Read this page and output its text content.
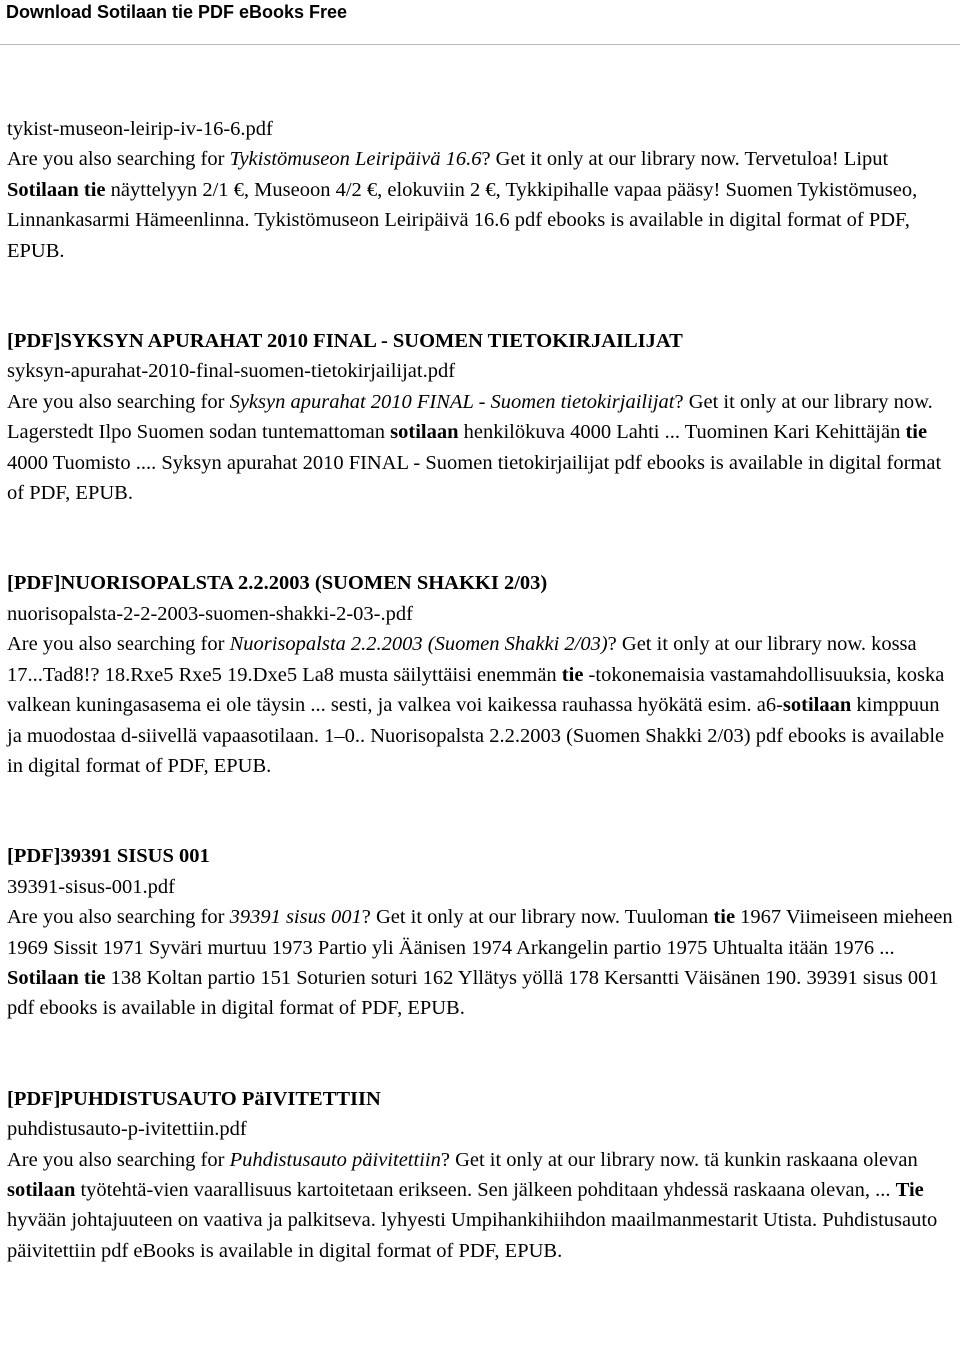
Download Sotilaan tie PDF eBooks Free
tykist-museon-leirip-iv-16-6.pdf
Are you also searching for Tykistömuseon Leiripäivä 16.6? Get it only at our library now. Tervetuloa! Liput Sotilaan tie näyttelyyn 2/1 €, Museoon 4/2 €, elokuviin 2 €, Tykkipihalle vapaa pääsy! Suomen Tykistömuseo, Linnankasarmi Hämeenlinna. Tykistömuseon Leiripäivä 16.6 pdf ebooks is available in digital format of PDF, EPUB.
[PDF]SYKSYN APURAHAT 2010 FINAL - SUOMEN TIETOKIRJAILIJAT
syksyn-apurahat-2010-final-suomen-tietokirjailijat.pdf
Are you also searching for Syksyn apurahat 2010 FINAL - Suomen tietokirjailijat? Get it only at our library now. Lagerstedt Ilpo Suomen sodan tuntemattoman sotilaan henkilökuva 4000 Lahti ... Tuominen Kari Kehittäjän tie 4000 Tuomisto .... Syksyn apurahat 2010 FINAL - Suomen tietokirjailijat pdf ebooks is available in digital format of PDF, EPUB.
[PDF]NUORISOPALSTA 2.2.2003 (SUOMEN SHAKKI 2/03)
nuorisopalsta-2-2-2003-suomen-shakki-2-03-.pdf
Are you also searching for Nuorisopalsta 2.2.2003 (Suomen Shakki 2/03)? Get it only at our library now. kossa 17...Tad8!? 18.Rxe5 Rxe5 19.Dxe5 La8 musta säilyttäisi enemmän tie -tokonemaisia vastamahdollisuuksia, koska valkean kuningasasema ei ole täysin ... sesti, ja valkea voi kaikessa rauhassa hyökätä esim. a6-sotilaan kimppuun ja muodostaa d-siivellä vapaasotilaan. 1–0.. Nuorisopalsta 2.2.2003 (Suomen Shakki 2/03) pdf ebooks is available in digital format of PDF, EPUB.
[PDF]39391 SISUS 001
39391-sisus-001.pdf
Are you also searching for 39391 sisus 001? Get it only at our library now. Tuuloman tie 1967 Viimeiseen mieheen 1969 Sissit 1971 Syväri murtuu 1973 Partio yli Äänisen 1974 Arkangelin partio 1975 Uhtualta itään 1976 ... Sotilaan tie 138 Koltan partio 151 Soturien soturi 162 Yllätys yöllä 178 Kersantti Väisänen 190. 39391 sisus 001 pdf ebooks is available in digital format of PDF, EPUB.
[PDF]PUHDISTUSAUTO PäIVITETTIIN
puhdistusauto-p-ivitettiin.pdf
Are you also searching for Puhdistusauto päivitettiin? Get it only at our library now. tä kunkin raskaana olevan sotilaan työtehtä-vien vaarallisuus kartoitetaan erikseen. Sen jälkeen pohditaan yhdessä raskaana olevan, ... Tie hyvään johtajuuteen on vaativa ja palkitseva. lyhyesti Umpihankihiihdon maailmanmestarit Utista. Puhdistusauto päivitettiin pdf eBooks is available in digital format of PDF, EPUB.
